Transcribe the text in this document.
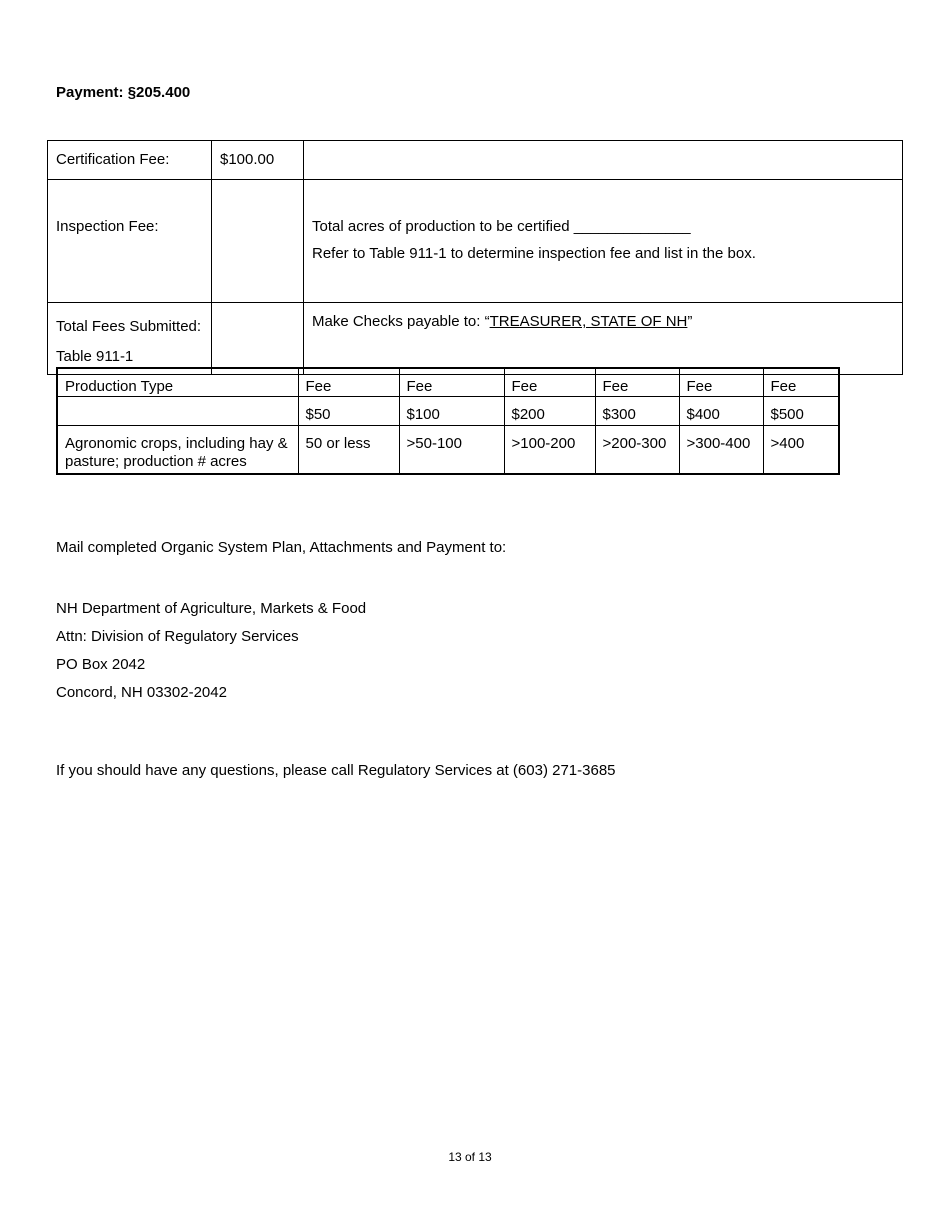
Payment: §205.400
Certification Fee:	$100.00	
Inspection Fee:		Total acres of production to be certified ______________
Refer to Table 911-1 to determine inspection fee and list in the box.

Total Fees Submitted:		Make Checks payable to: “TREASURER, STATE OF NH”
Table 911-1
Production Type	Fee	Fee	Fee	Fee	Fee	Fee
	$50	$100	$200	$300	$400	$500
Agronomic crops, including hay & pasture; production # acres	50 or less	>50-100	>100-200	>200-300	>300-400	>400
Mail completed Organic System Plan, Attachments and Payment to:
NH Department of Agriculture, Markets & Food
Attn: Division of Regulatory Services
PO Box 2042
Concord, NH 03302-2042
If you should have any questions, please call Regulatory Services at (603) 271-3685
13 of 13
